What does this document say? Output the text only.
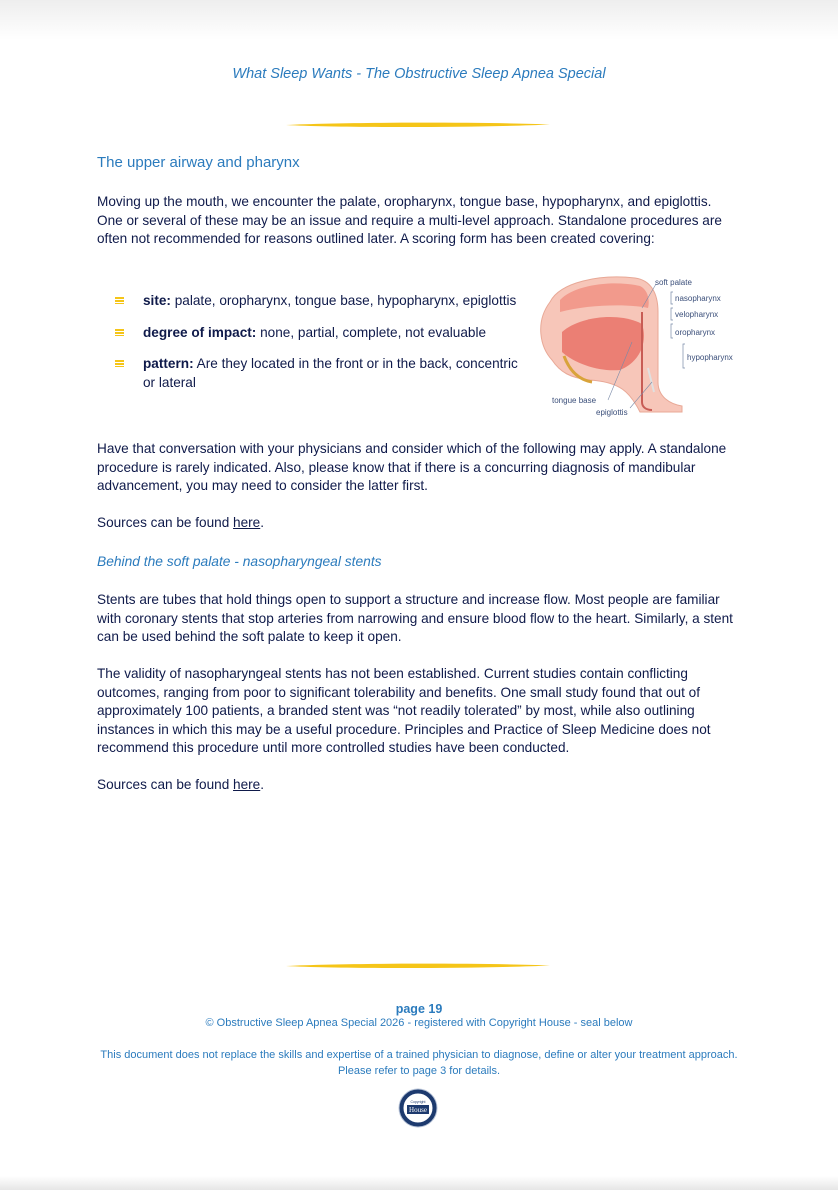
What Sleep Wants - The Obstructive Sleep Apnea Special
The upper airway and pharynx

Moving up the mouth, we encounter the palate, oropharynx, tongue base, hypopharynx, and epiglottis. One or several of these may be an issue and require a multi-level approach. Standalone procedures are often not recommended for reasons outlined later. A scoring form has been created covering:

site: palate, oropharynx, tongue base, hypopharynx, epiglottis
degree of impact: none, partial, complete, not evaluable
pattern: Are they located in the front or in the back, concentric or lateral
soft palate
nasopharynx
velopharynx
oropharynx
hypopharynx
tongue base
epiglottis

Have that conversation with your physicians and consider which of the following may apply. A standalone procedure is rarely indicated. Also, please know that if there is a concurring diagnosis of mandibular advancement, you may need to consider the latter first.

Sources can be found here.

Behind the soft palate - nasopharyngeal stents

Stents are tubes that hold things open to support a structure and increase flow. Most people are familiar with coronary stents that stop arteries from narrowing and ensure blood flow to the heart. Similarly, a stent can be used behind the soft palate to keep it open.

The validity of nasopharyngeal stents has not been established. Current studies contain conflicting outcomes, ranging from poor to significant tolerability and benefits. One small study found that out of approximately 100 patients, a branded stent was “not readily tolerated” by most, while also outlining instances in which this may be a useful procedure. Principles and Practice of Sleep Medicine does not recommend this procedure until more controlled studies have been conducted.

Sources can be found here.

page 19
© Obstructive Sleep Apnea Special 2026 - registered with Copyright House - seal below
This document does not replace the skills and expertise of a trained physician to diagnose, define or alter your treatment approach. Please refer to page 3 for details.
House
Copyright
